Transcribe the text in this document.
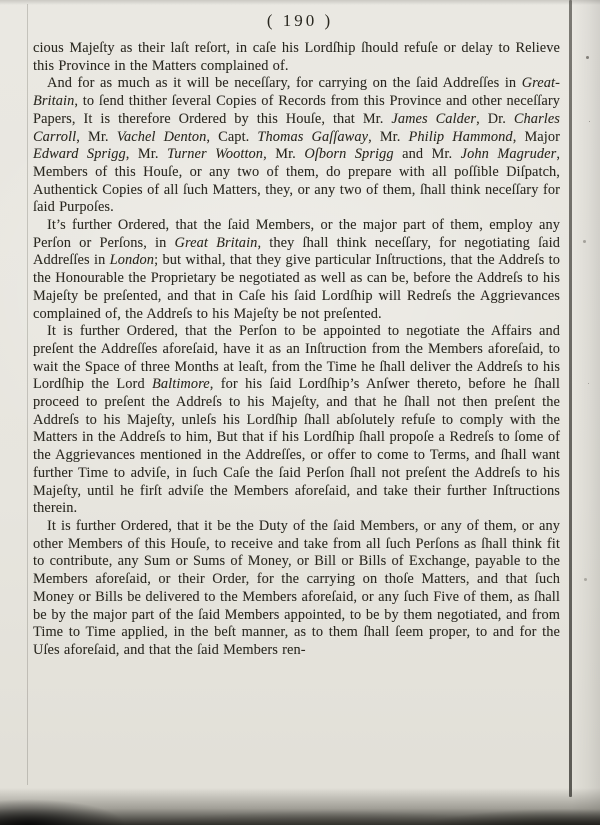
( 190 )

cious Majeſty as their laſt reſort, in caſe his Lordſhip ſhould refuſe or delay to Relieve this Province in the Matters complained of.

And for as much as it will be neceſſary, for carrying on the ſaid Addreſſes in Great-Britain, to ſend thither ſeveral Copies of Records from this Province and other neceſſary Papers, It is therefore Ordered by this Houſe, that Mr. James Calder, Dr. Charles Carroll, Mr. Vachel Denton, Capt. Thomas Gaſſaway, Mr. Philip Hammond, Major Edward Sprigg, Mr. Turner Wootton, Mr. Oſborn Sprigg and Mr. John Magruder, Members of this Houſe, or any two of them, do prepare with all poſſible Diſpatch, Authentick Copies of all ſuch Matters, they, or any two of them, ſhall think neceſſary for ſaid Purpoſes.

It’s further Ordered, that the ſaid Members, or the major part of them, employ any Perſon or Perſons, in Great Britain, they ſhall think neceſſary, for negotiating ſaid Addreſſes in London; but withal, that they give particular Inſtructions, that the Addreſs to the Honourable the Proprietary be negotiated as well as can be, before the Addreſs to his Majeſty be preſented, and that in Caſe his ſaid Lordſhip will Redreſs the Aggrievances complained of, the Addreſs to his Majeſty be not preſented.

It is further Ordered, that the Perſon to be appointed to negotiate the Affairs and preſent the Addreſſes aforeſaid, have it as an Inſtruction from the Members aforeſaid, to wait the Space of three Months at leaſt, from the Time he ſhall deliver the Addreſs to his Lordſhip the Lord Baltimore, for his ſaid Lordſhip’s Anſwer thereto, before he ſhall proceed to preſent the Addreſs to his Majeſty, and that he ſhall not then preſent the Addreſs to his Majeſty, unleſs his Lordſhip ſhall abſolutely refuſe to comply with the Matters in the Addreſs to him, But that if his Lordſhip ſhall propoſe a Redreſs to ſome of the Aggrievances mentioned in the Addreſſes, or offer to come to Terms, and ſhall want further Time to adviſe, in ſuch Caſe the ſaid Perſon ſhall not preſent the Addreſs to his Majeſty, until he firſt adviſe the Members aforeſaid, and take their further Inſtructions therein.

It is further Ordered, that it be the Duty of the ſaid Members, or any of them, or any other Members of this Houſe, to receive and take from all ſuch Perſons as ſhall think fit to contribute, any Sum or Sums of Money, or Bill or Bills of Exchange, payable to the Members aforeſaid, or their Order, for the carrying on thoſe Matters, and that ſuch Money or Bills be delivered to the Members aforeſaid, or any ſuch Five of them, as ſhall be by the major part of the ſaid Members appointed, to be by them negotiated, and from Time to Time applied, in the beſt manner, as to them ſhall ſeem proper, to and for the Uſes aforeſaid, and that the ſaid Members ren-
